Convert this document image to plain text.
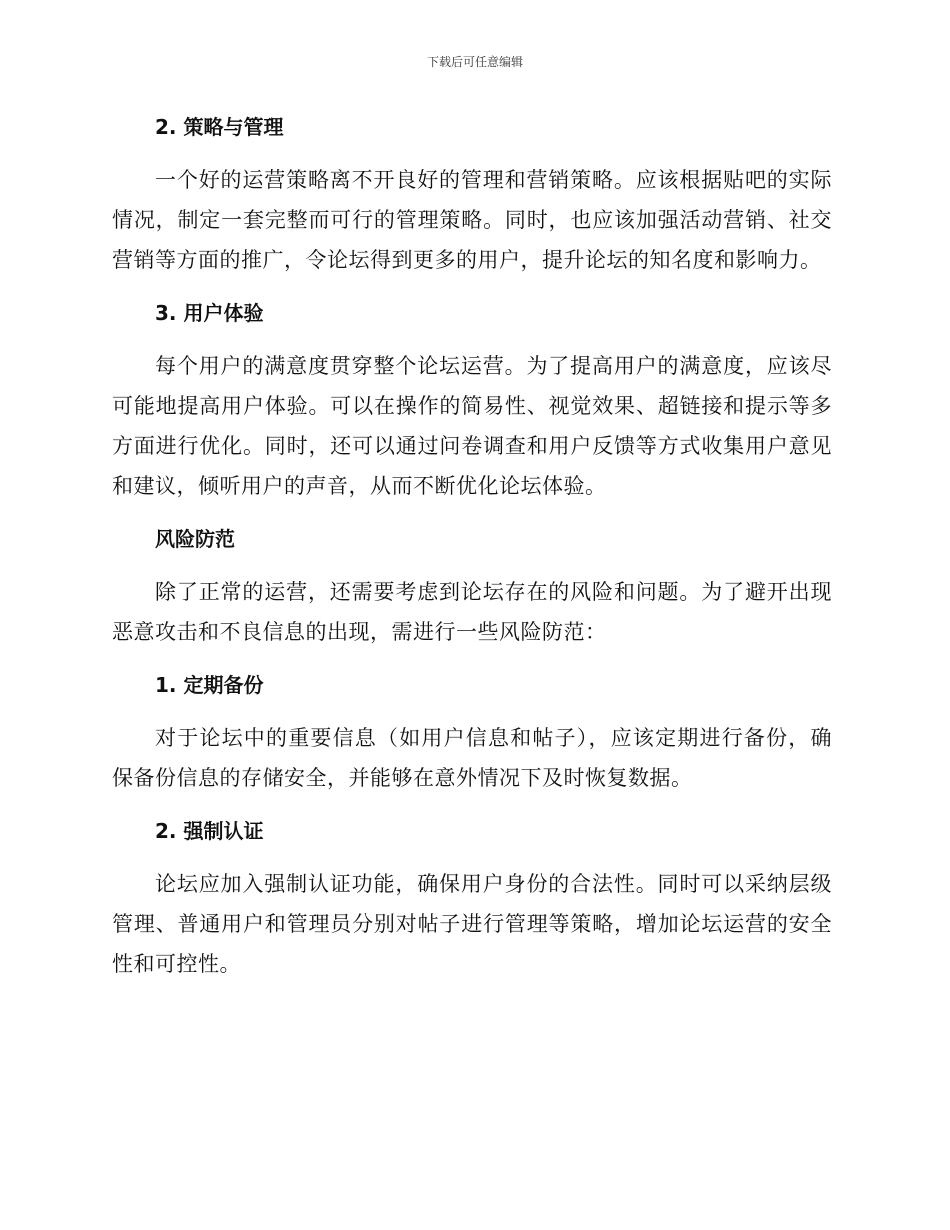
下载后可任意编辑
2. 策略与管理

一个好的运营策略离不开良好的管理和营销策略。应该根据贴吧的实际情况，制定一套完整而可行的管理策略。同时，也应该加强活动营销、社交营销等方面的推广，令论坛得到更多的用户，提升论坛的知名度和影响力。

3. 用户体验

每个用户的满意度贯穿整个论坛运营。为了提高用户的满意度，应该尽可能地提高用户体验。可以在操作的简易性、视觉效果、超链接和提示等多方面进行优化。同时，还可以通过问卷调查和用户反馈等方式收集用户意见和建议，倾听用户的声音，从而不断优化论坛体验。

风险防范

除了正常的运营，还需要考虑到论坛存在的风险和问题。为了避开出现恶意攻击和不良信息的出现，需进行一些风险防范：

1. 定期备份

对于论坛中的重要信息（如用户信息和帖子），应该定期进行备份，确保备份信息的存储安全，并能够在意外情况下及时恢复数据。

2. 强制认证

论坛应加入强制认证功能，确保用户身份的合法性。同时可以采纳层级管理、普通用户和管理员分别对帖子进行管理等策略，增加论坛运营的安全性和可控性。
